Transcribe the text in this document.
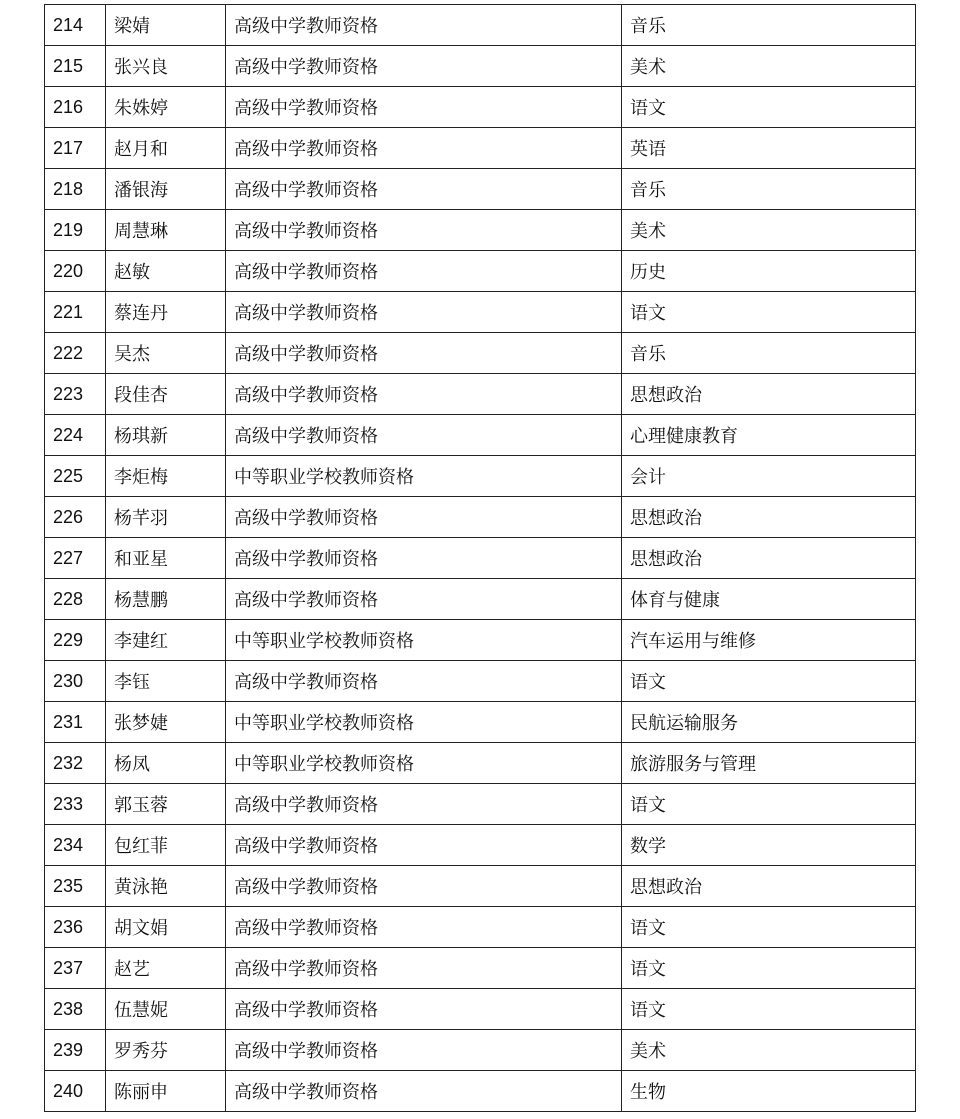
214	梁婧	高级中学教师资格	音乐
215	张兴良	高级中学教师资格	美术
216	朱姝婷	高级中学教师资格	语文
217	赵月和	高级中学教师资格	英语
218	潘银海	高级中学教师资格	音乐
219	周慧琳	高级中学教师资格	美术
220	赵敏	高级中学教师资格	历史
221	蔡连丹	高级中学教师资格	语文
222	吴杰	高级中学教师资格	音乐
223	段佳杏	高级中学教师资格	思想政治
224	杨琪新	高级中学教师资格	心理健康教育
225	李炬梅	中等职业学校教师资格	会计
226	杨芊羽	高级中学教师资格	思想政治
227	和亚星	高级中学教师资格	思想政治
228	杨慧鹏	高级中学教师资格	体育与健康
229	李建红	中等职业学校教师资格	汽车运用与维修
230	李钰	高级中学教师资格	语文
231	张梦婕	中等职业学校教师资格	民航运输服务
232	杨凤	中等职业学校教师资格	旅游服务与管理
233	郭玉蓉	高级中学教师资格	语文
234	包红菲	高级中学教师资格	数学
235	黄泳艳	高级中学教师资格	思想政治
236	胡文娟	高级中学教师资格	语文
237	赵艺	高级中学教师资格	语文
238	伍慧妮	高级中学教师资格	语文
239	罗秀芬	高级中学教师资格	美术
240	陈丽申	高级中学教师资格	生物
